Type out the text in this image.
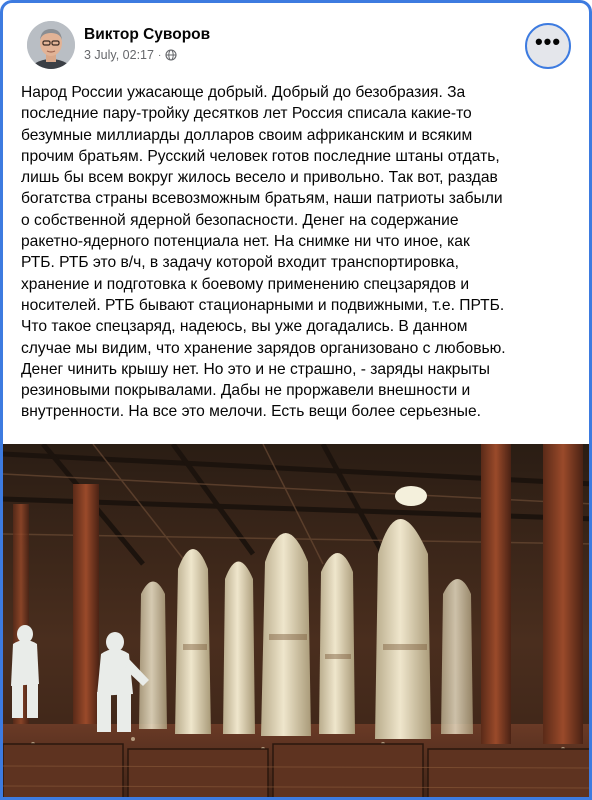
Виктор Суворов
3 July, 02:17 ·
•••
Народ России ужасающе добрый. Добрый до безобразия. За
последние пару-тройку десятков лет Россия списала какие-то
безумные миллиарды долларов своим африканским и всяким
прочим братьям. Русский человек готов последние штаны отдать,
лишь бы всем вокруг жилось весело и привольно. Так вот, раздав
богатства страны всевозможным братьям, наши патриоты забыли
о собственной ядерной безопасности. Денег на содержание
ракетно-ядерного потенциала нет. На снимке ни что иное, как
РТБ. РТБ это в/ч, в задачу которой входит транспортировка,
хранение и подготовка к боевому применению спецзарядов и
носителей. РТБ бывают стационарными и подвижными, т.е. ПРТБ.
Что такое спецзаряд, надеюсь, вы уже догадались. В данном
случае мы видим, что хранение зарядов организовано с любовью.
Денег чинить крышу нет. Но это и не страшно, - заряды накрыты
резиновыми покрывалами. Дабы не проржавели внешности и
внутренности. На все это мелочи. Есть вещи более серьезные.
